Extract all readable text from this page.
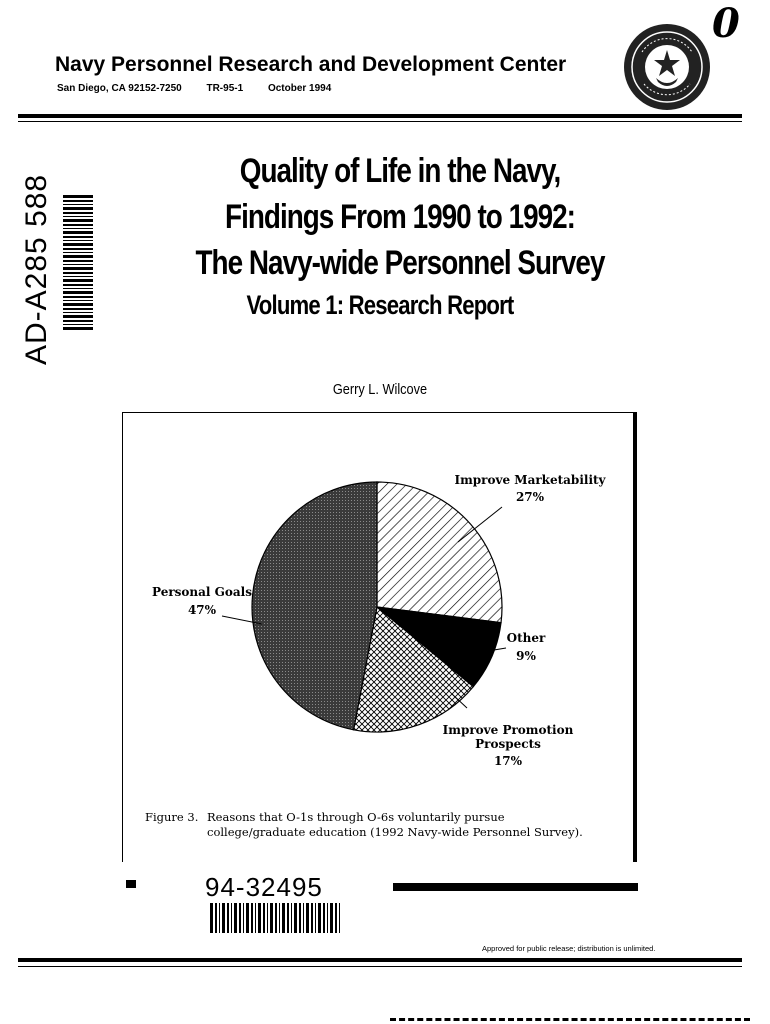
Navy Personnel Research and Development Center
San Diego, CA 92152-7250 TR-95-1 October 1994
0
AD-A285 588
Quality of Life in the Navy,
Findings From 1990 to 1992:
The Navy-wide Personnel Survey
Volume 1: Research Report
Gerry L. Wilcove
Improve Marketability
27%
Other
9%
Improve Promotion
Prospects
17%
Personal Goals
47%
Figure 3. Reasons that O-1s through O-6s voluntarily pursue
college/graduate education (1992 Navy-wide Personnel Survey).
94-32495
Approved for public release; distribution is unlimited.
